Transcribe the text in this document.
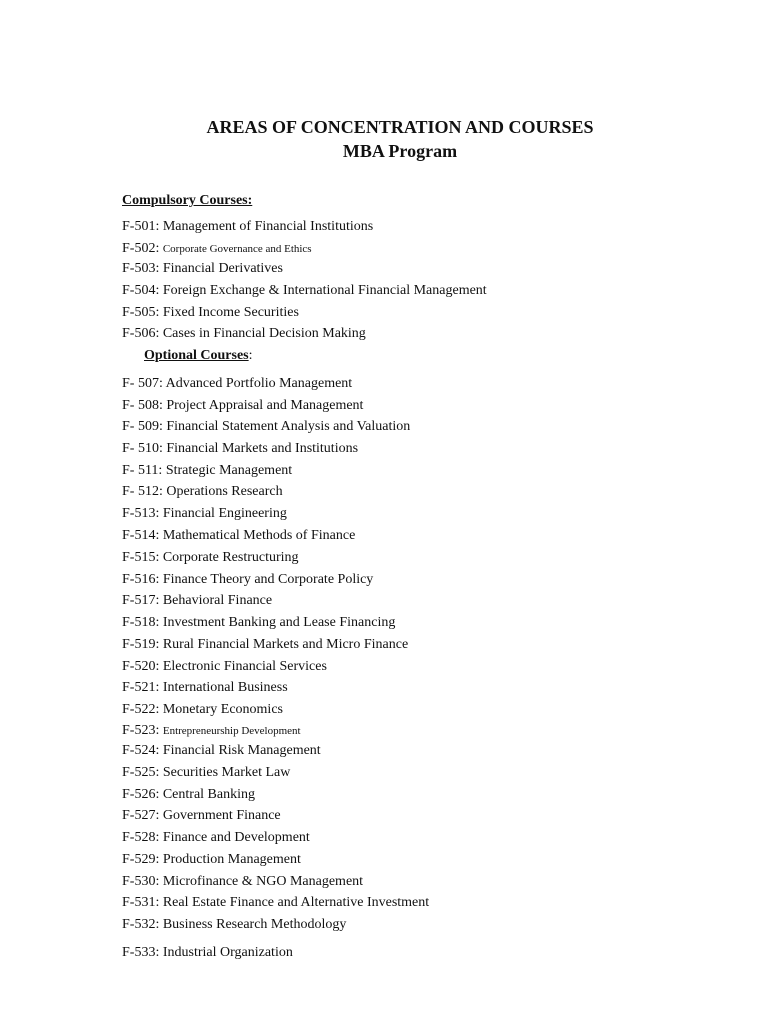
AREAS OF CONCENTRATION AND COURSES
MBA Program
Compulsory Courses:
F-501: Management of Financial Institutions
F-502: Corporate Governance and Ethics
F-503: Financial Derivatives
F-504: Foreign Exchange & International Financial Management
F-505: Fixed Income Securities
F-506: Cases in Financial Decision Making
Optional Courses:
F- 507: Advanced Portfolio Management
F- 508: Project Appraisal and Management
F- 509: Financial Statement Analysis and Valuation
F- 510: Financial Markets and Institutions
F- 511: Strategic Management
F- 512: Operations Research
F-513: Financial Engineering
F-514: Mathematical Methods of Finance
F-515: Corporate Restructuring
F-516: Finance Theory and Corporate Policy
F-517: Behavioral Finance
F-518: Investment Banking and Lease Financing
F-519: Rural Financial Markets and Micro Finance
F-520: Electronic Financial Services
F-521: International Business
F-522: Monetary Economics
F-523: Entrepreneurship Development
F-524: Financial Risk Management
F-525: Securities Market Law
F-526: Central Banking
F-527: Government Finance
F-528: Finance and Development
F-529: Production Management
F-530: Microfinance & NGO Management
F-531: Real Estate Finance and Alternative Investment
F-532: Business Research Methodology
F-533: Industrial Organization
